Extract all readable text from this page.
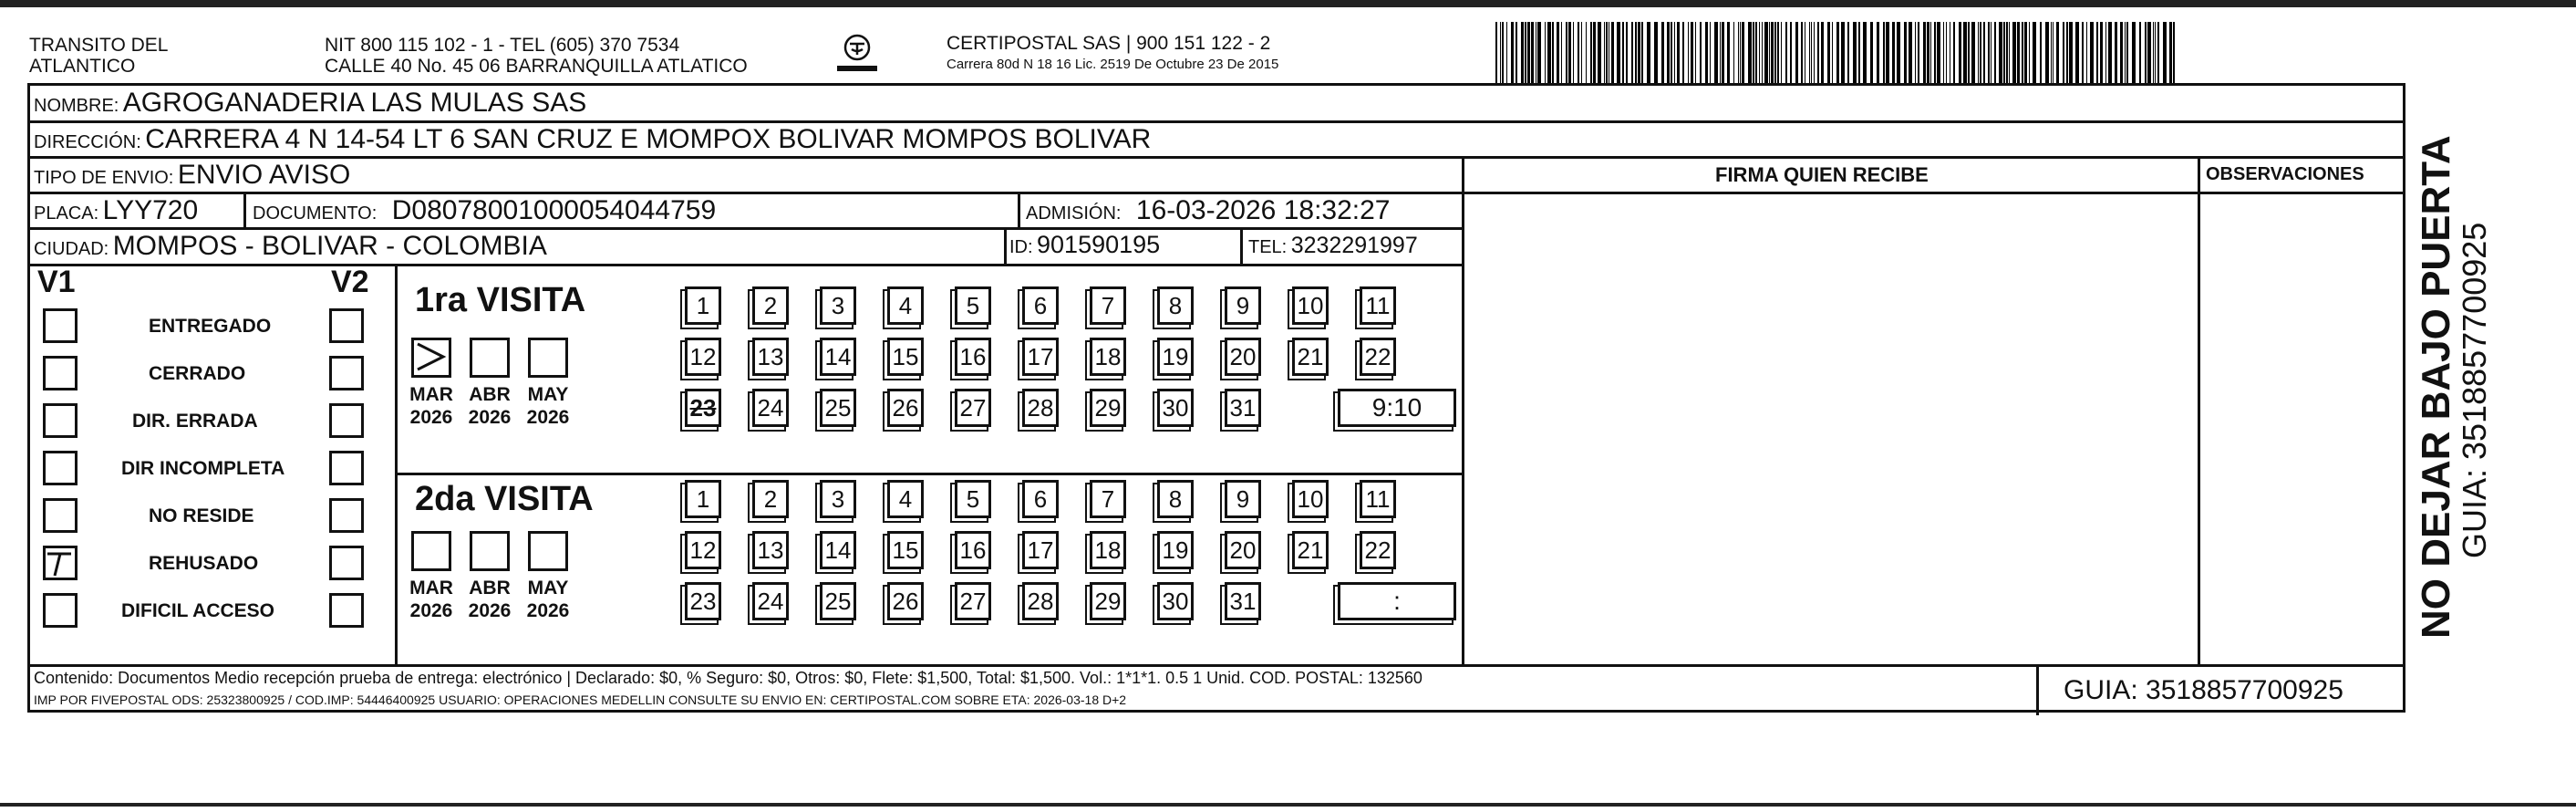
TRANSITO DEL
ATLANTICO
NIT 800 115 102 - 1 - TEL (605) 370 7534
CALLE 40 No. 45 06 BARRANQUILLA ATLATICO
CERTIPOSTAL SAS | 900 151 122 - 2
Carrera 80d N 18 16 Lic. 2519 De Octubre 23 De 2015
NOMBRE: AGROGANADERIA LAS MULAS SAS
DIRECCIÓN: CARRERA 4 N 14-54 LT 6 SAN CRUZ E MOMPOX BOLIVAR MOMPOS BOLIVAR
TIPO DE ENVIO: ENVIO AVISO	FIRMA QUIEN RECIBE	OBSERVACIONES
PLACA: LYY720	DOCUMENTO: D08078001000054044759	ADMISIÓN: 16-03-2026 18:32:27
CIUDAD: MOMPOS - BOLIVAR - COLOMBIA	ID: 901590195	TEL: 3232291997
V1	V2
ENTREGADO
CERRADO
DIR. ERRADA
DIR INCOMPLETA
NO RESIDE
REHUSADO
DIFICIL ACCESO
1ra VISITA
2da VISITA
MAR
2026
ABR
2026
MAY
2026
1	2	3	4	5	6	7	8	9	10 11
12 13 14 15 16 17 18 19 20 21 22
23 24 25 26 27 28 29 30 31	9:10
MAR
2026
ABR
2026
MAY
2026
1	2	3	4	5	6	7	8	9	10 11
12 13 14 15 16 17 18 19 20 21 22
23 24 25 26 27 28 29 30 31	:
Contenido: Documentos Medio recepción prueba de entrega: electrónico | Declarado: $0, % Seguro: $0, Otros: $0, Flete: $1,500, Total: $1,500. Vol.: 1*1*1. 0.5 1 Unid. COD. POSTAL: 132560
IMP POR FIVEPOSTAL ODS: 25323800925 / COD.IMP: 54446400925 USUARIO: OPERACIONES MEDELLIN CONSULTE SU ENVIO EN: CERTIPOSTAL.COM SOBRE ETA: 2026-03-18 D+2	GUIA: 3518857700925
NO DEJAR BAJO PUERTA
GUIA: 3518857700925
